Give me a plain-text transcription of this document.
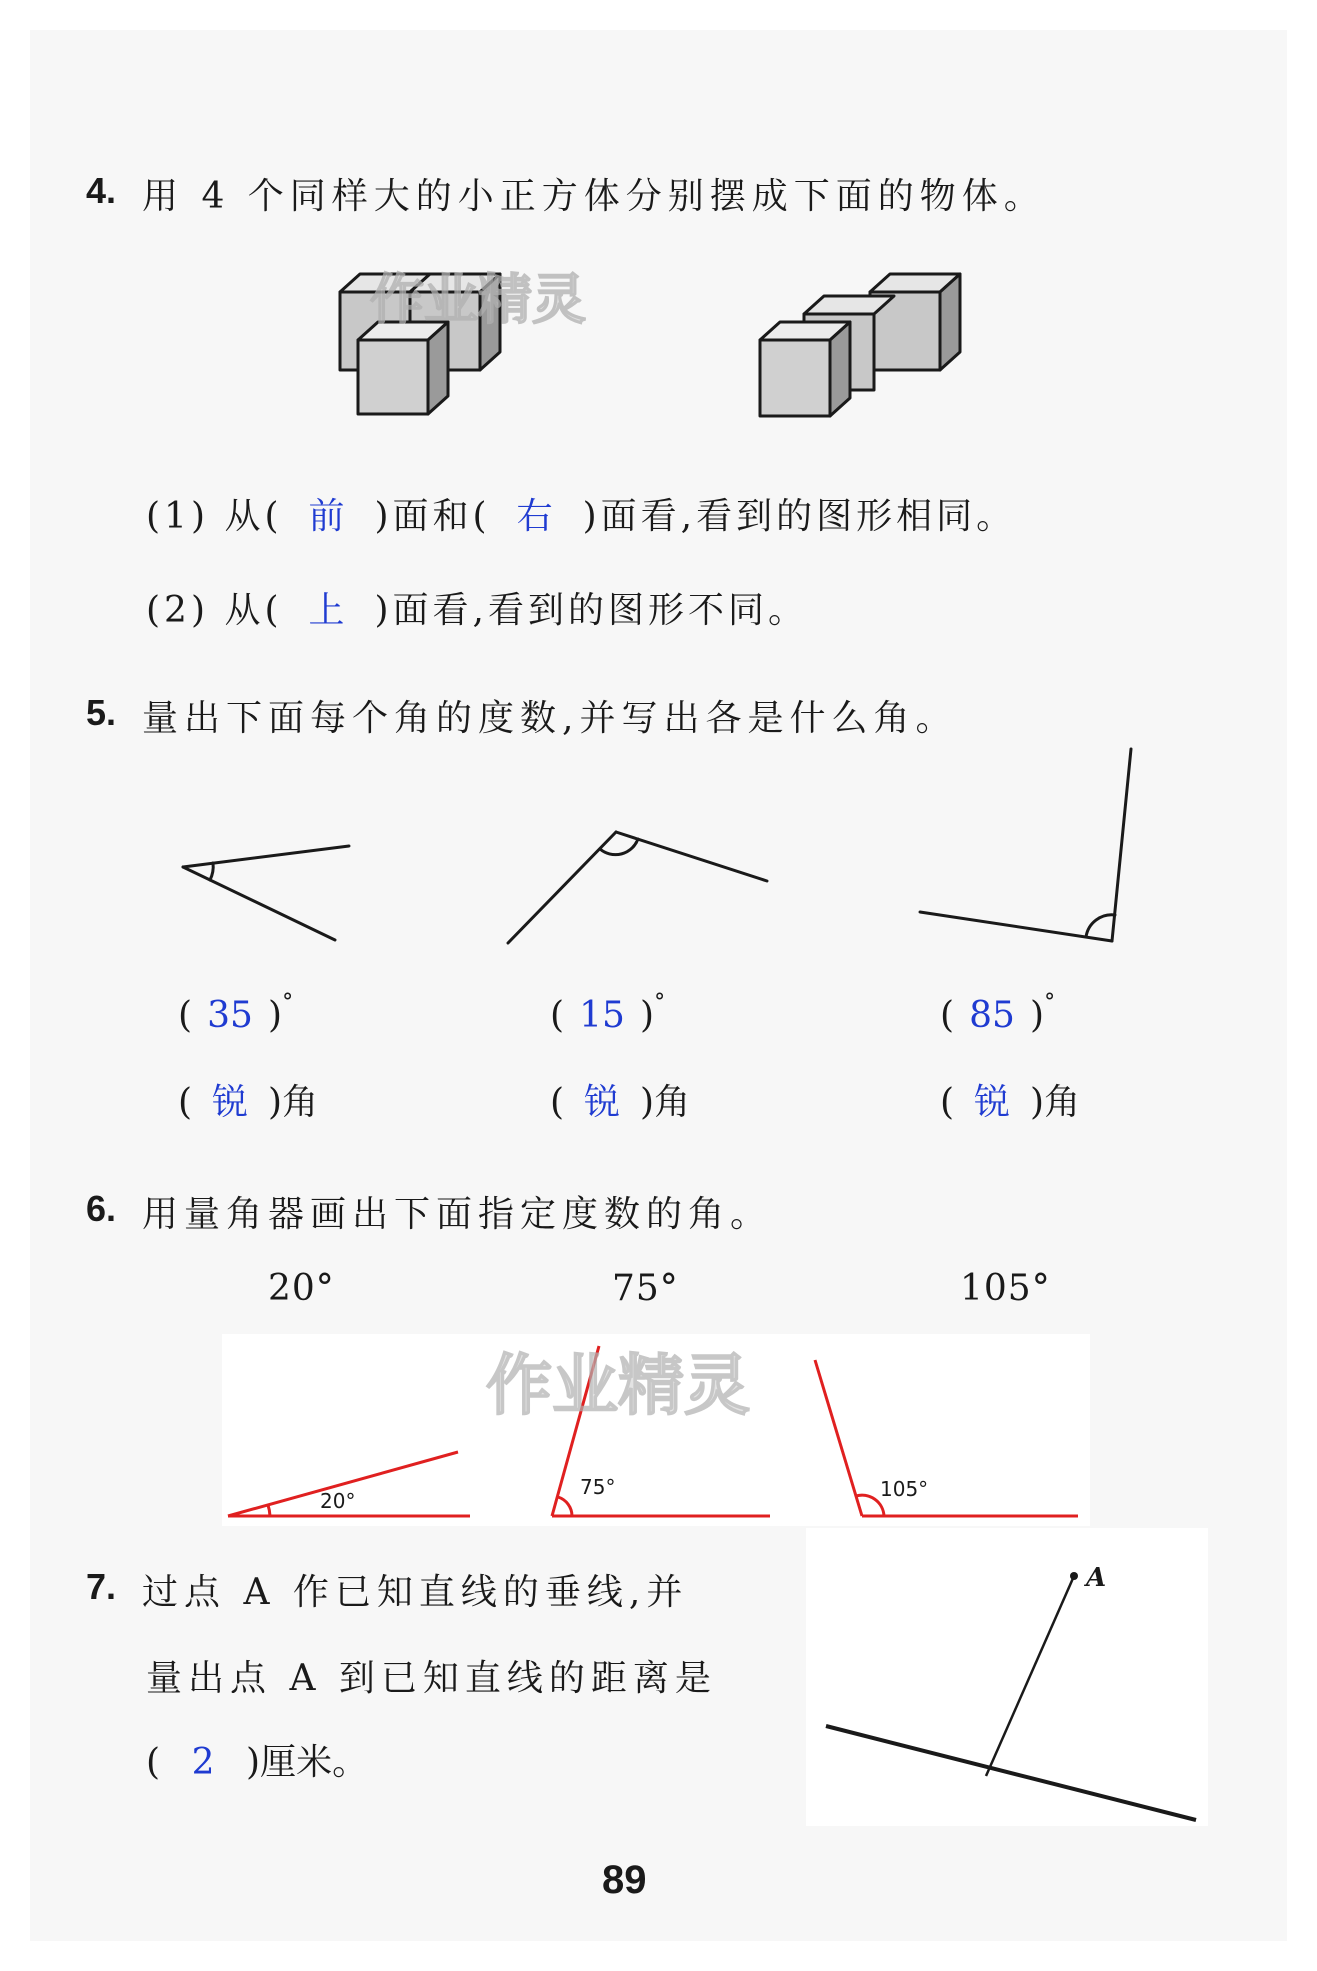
4. 用 4 个同样大的小正方体分别摆成下面的物体。
作业精灵
(1) 从( 前 )面和( 右 )面看,看到的图形相同。
(2) 从( 上 )面看,看到的图形不同。
5. 量出下面每个角的度数,并写出各是什么角。
( 35 )°
( 锐 )角
( 15 )°
( 锐 )角
( 85 )°
( 锐 )角
6. 用量角器画出下面指定度数的角。
20°	75°	105°
20°
75°	105°
作业精灵
7. 过点 A 作已知直线的垂线,并
量出点 A 到已知直线的距离是
( 2 )厘米。
A
89
